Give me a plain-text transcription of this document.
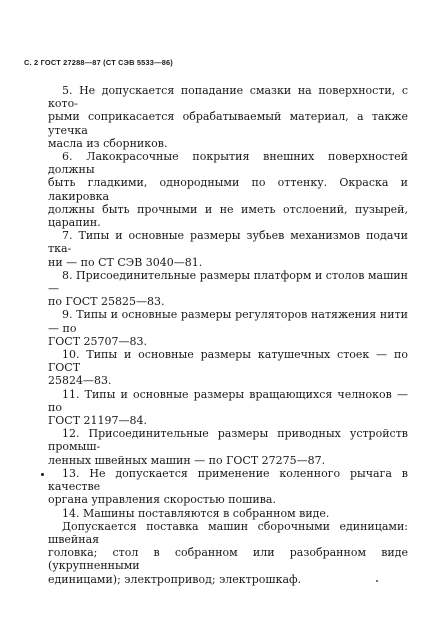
С. 2 ГОСТ 27288—87 (СТ СЭВ 5533—86)

5. Не допускается попадание смазки на поверхности, с кото-
рыми соприкасается обрабатываемый материал, а также утечка
масла из сборников.

6. Лакокрасочные покрытия внешних поверхностей должны
быть гладкими, однородными по оттенку. Окраска и лакировка
должны быть прочными и не иметь отслоений, пузырей, царапин.

7. Типы и основные размеры зубьев механизмов подачи тка-
ни — по СТ СЭВ 3040—81.

8. Присоединительные размеры платформ и столов машин —
по ГОСТ 25825—83.

9. Типы и основные размеры регуляторов натяжения нити — по
ГОСТ 25707—83.

10. Типы и основные размеры катушечных стоек — по ГОСТ
25824—83.

11. Типы и основные размеры вращающихся челноков — по
ГОСТ 21197—84.

12. Присоединительные размеры приводных устройств промыш-
ленных швейных машин — по ГОСТ 27275—87.

13. Не допускается применение коленного рычага в качестве
органа управления скоростью пошива.

14. Машины поставляются в собранном виде.

Допускается поставка машин сборочными единицами: швейная
головка; стол в собранном или разобранном виде (укрупненными
единицами); электропривод; электрошкаф.
